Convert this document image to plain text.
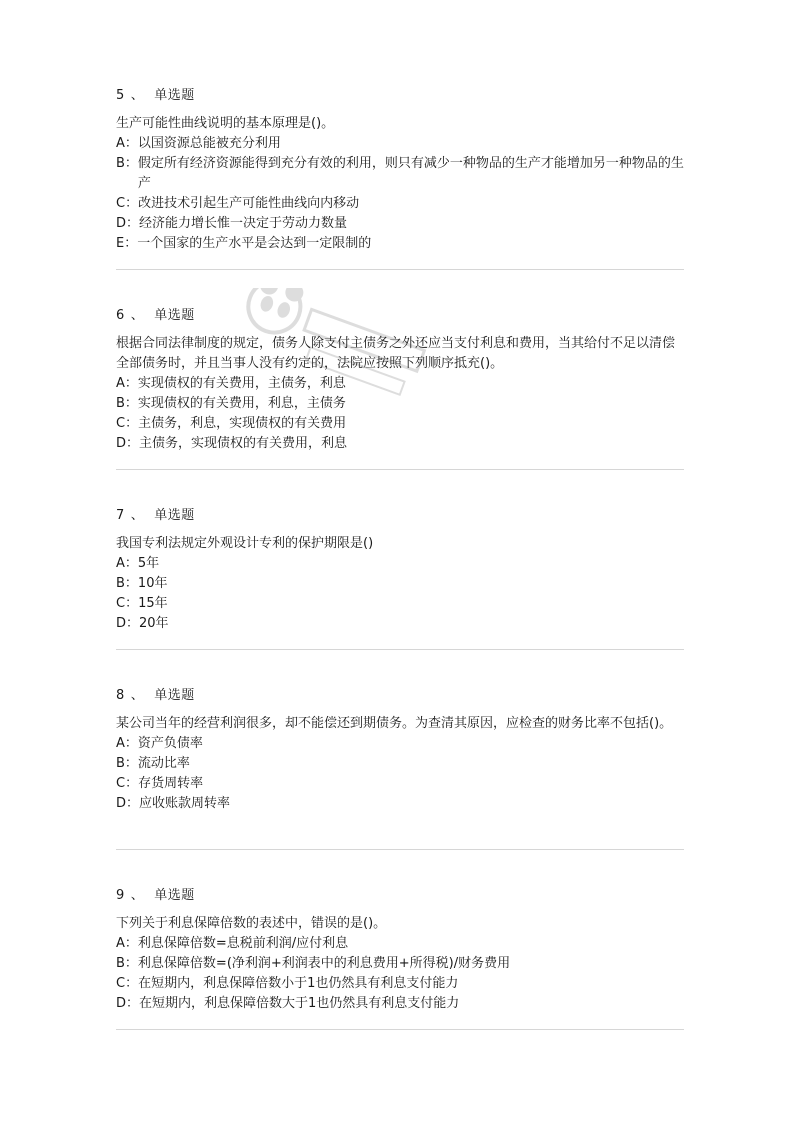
5 、 单选题

生产可能性曲线说明的基本原理是()。

A： 以国资源总能被充分利用
B： 假定所有经济资源能得到充分有效的利用，则只有减少一种物品的生产才能增加另一种物品的生产
C： 改进技术引起生产可能性曲线向内移动
D： 经济能力增长惟一决定于劳动力数量
E： 一个国家的生产水平是会达到一定限制的
6 、 单选题

根据合同法律制度的规定，债务人除支付主债务之外还应当支付利息和费用，当其给付不足以清偿全部债务时，并且当事人没有约定的，法院应按照下列顺序抵充()。

A： 实现债权的有关费用，主债务，利息
B： 实现债权的有关费用，利息，主债务
C： 主债务，利息，实现债权的有关费用
D： 主债务，实现债权的有关费用，利息
7 、 单选题

我国专利法规定外观设计专利的保护期限是()

A： 5年
B： 10年
C： 15年
D： 20年
8 、 单选题

某公司当年的经营利润很多，却不能偿还到期债务。为查清其原因，应检查的财务比率不包括()。

A： 资产负债率
B： 流动比率
C： 存货周转率
D： 应收账款周转率
9 、 单选题

下列关于利息保障倍数的表述中，错误的是()。

A： 利息保障倍数=息税前利润/应付利息
B： 利息保障倍数=(净利润+利润表中的利息费用+所得税)/财务费用
C： 在短期内，利息保障倍数小于1也仍然具有利息支付能力
D： 在短期内，利息保障倍数大于1也仍然具有利息支付能力
